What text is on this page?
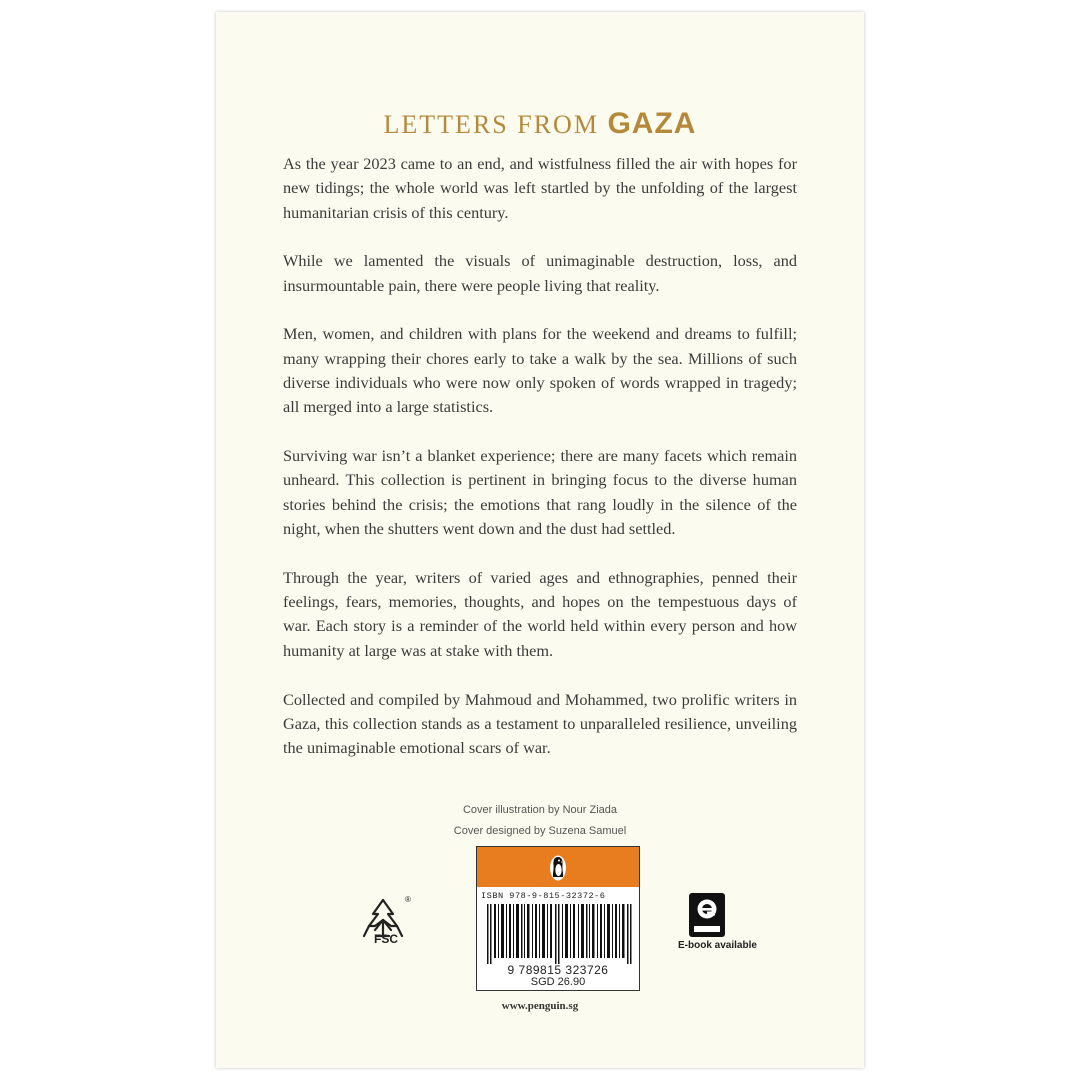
LETTERS FROM GAZA

As the year 2023 came to an end, and wistfulness filled the air with hopes for new tidings; the whole world was left startled by the unfolding of the largest humanitarian crisis of this century.

While we lamented the visuals of unimaginable destruction, loss, and insurmountable pain, there were people living that reality.

Men, women, and children with plans for the weekend and dreams to fulfill; many wrapping their chores early to take a walk by the sea. Millions of such diverse individuals who were now only spoken of words wrapped in tragedy; all merged into a large statistics.

Surviving war isn’t a blanket experience; there are many facets which remain unheard. This collection is pertinent in bringing focus to the diverse human stories behind the crisis; the emotions that rang loudly in the silence of the night, when the shutters went down and the dust had settled.

Through the year, writers of varied ages and ethnographies, penned their feelings, fears, memories, thoughts, and hopes on the tempestuous days of war. Each story is a reminder of the world held within every person and how humanity at large was at stake with them.

Collected and compiled by Mahmoud and Mohammed, two prolific writers in Gaza, this collection stands as a testament to unparalleled resilience, unveiling the unimaginable emotional scars of war.

Cover illustration by Nour Ziada
Cover designed by Suzena Samuel
®
FSC
ISBN 978-9-815-32372-6
9 789815 323726
SGD 26.90
www.penguin.sg
E-book available
